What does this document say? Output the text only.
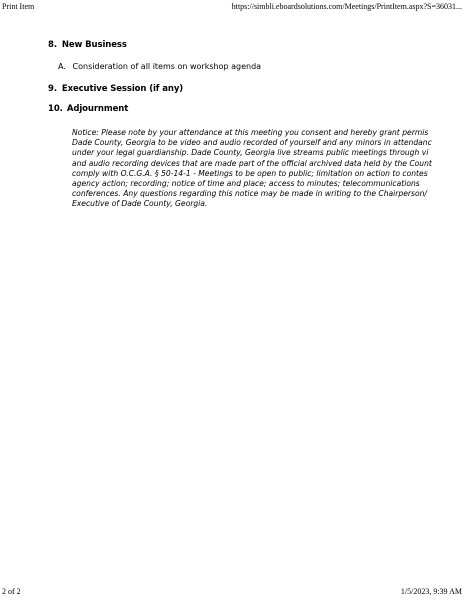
Print Item	https://simbli.eboardsolutions.com/Meetings/PrintItem.aspx?S=36031...
8. New Business
A. Consideration of all items on workshop agenda
9. Executive Session (if any)
10. Adjournment
Notice: Please note by your attendance at this meeting you consent and hereby grant permis
Dade County, Georgia to be video and audio recorded of yourself and any minors in attendanc
under your legal guardianship. Dade County, Georgia live streams public meetings through vi
and audio recording devices that are made part of the official archived data held by the Count
comply with O.C.G.A. § 50-14-1 - Meetings to be open to public; limitation on action to contes
agency action; recording; notice of time and place; access to minutes; telecommunications
conferences. Any questions regarding this notice may be made in writing to the Chairperson/
Executive of Dade County, Georgia.
2 of 2	1/5/2023, 9:39 AM
